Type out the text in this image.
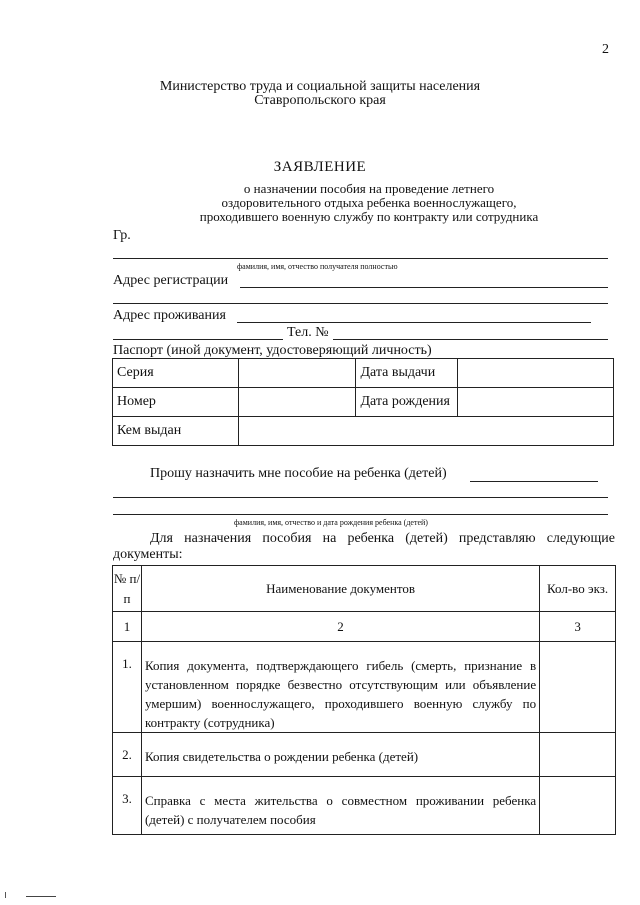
2
Министерство труда и социальной защиты населения
Ставропольского края
ЗАЯВЛЕНИЕ
о назначении пособия на проведение летнего
оздоровительного отдыха ребенка военнослужащего,
проходившего военную службу по контракту или сотрудника
Гр.
фамилия, имя, отчество получателя полностью
Адрес регистрации
Адрес проживания
Тел. №
Паспорт (иной документ, удостоверяющий личность)
Серия		Дата выдачи	
Номер		Дата рождения	
Кем выдан			
Прошу назначить мне пособие на ребенка (детей)
фамилия, имя, отчество и дата рождения ребенка (детей)
Для назначения пособия на ребенка (детей) представляю следующие
документы:
№ п/п	Наименование документов	Кол-во экз.
1	2	3
1.	Копия документа, подтверждающего гибель (смерть, признание в установленном порядке безвестно отсутствующим или объявление умершим) военнослужащего, проходившего военную службу по контракту (сотрудника)	
2.	Копия свидетельства о рождении ребенка (детей)	
3.	Справка с места жительства о совместном проживании ребенка (детей) с получателем пособия	
